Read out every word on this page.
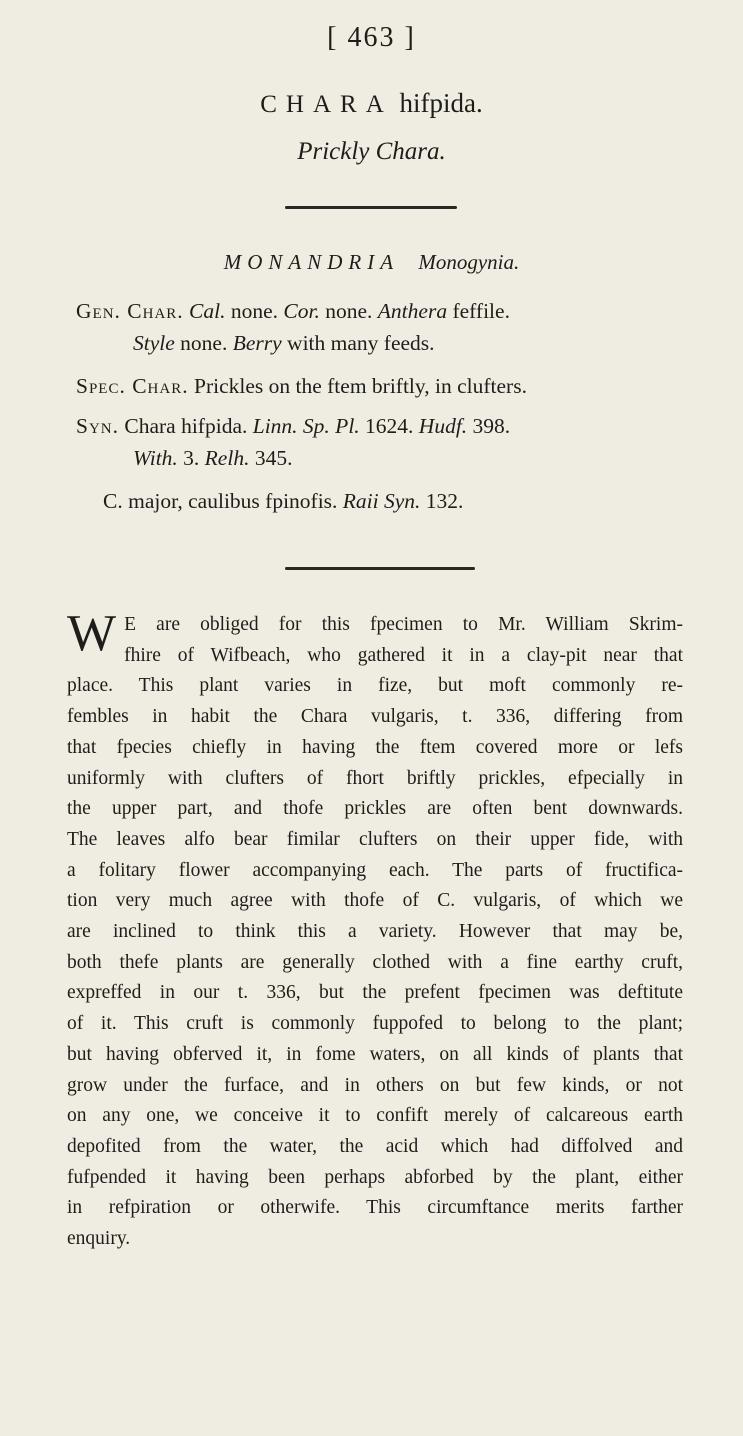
[ 463 ]
CHARA hifpida.
Prickly Chara.
MONANDRIA Monogynia.
Gen. Char. Cal. none. Cor. none. Anthera feffile.
Style none. Berry with many feeds.
Spec. Char. Prickles on the ftem briftly, in clufters.
Syn. Chara hifpida. Linn. Sp. Pl. 1624. Hudf. 398.
With. 3. Relh. 345.
C. major, caulibus fpinofis. Raii Syn. 132.
W E are obliged for this fpecimen to Mr. William Skrim-
fhire of Wifbeach, who gathered it in a clay-pit near that
place. This plant varies in fize, but moft commonly re-
fembles in habit the Chara vulgaris, t. 336, differing from
that fpecies chiefly in having the ftem covered more or lefs
uniformly with clufters of fhort briftly prickles, efpecially in
the upper part, and thofe prickles are often bent downwards.
The leaves alfo bear fimilar clufters on their upper fide, with
a folitary flower accompanying each. The parts of fructifica-
tion very much agree with thofe of C. vulgaris, of which we
are inclined to think this a variety. However that may be,
both thefe plants are generally clothed with a fine earthy cruft,
expreffed in our t. 336, but the prefent fpecimen was deftitute
of it. This cruft is commonly fuppofed to belong to the plant;
but having obferved it, in fome waters, on all kinds of plants that
grow under the furface, and in others on but few kinds, or not
on any one, we conceive it to confift merely of calcareous earth
depofited from the water, the acid which had diffolved and
fufpended it having been perhaps abforbed by the plant, either
in refpiration or otherwife. This circumftance merits farther
enquiry.
